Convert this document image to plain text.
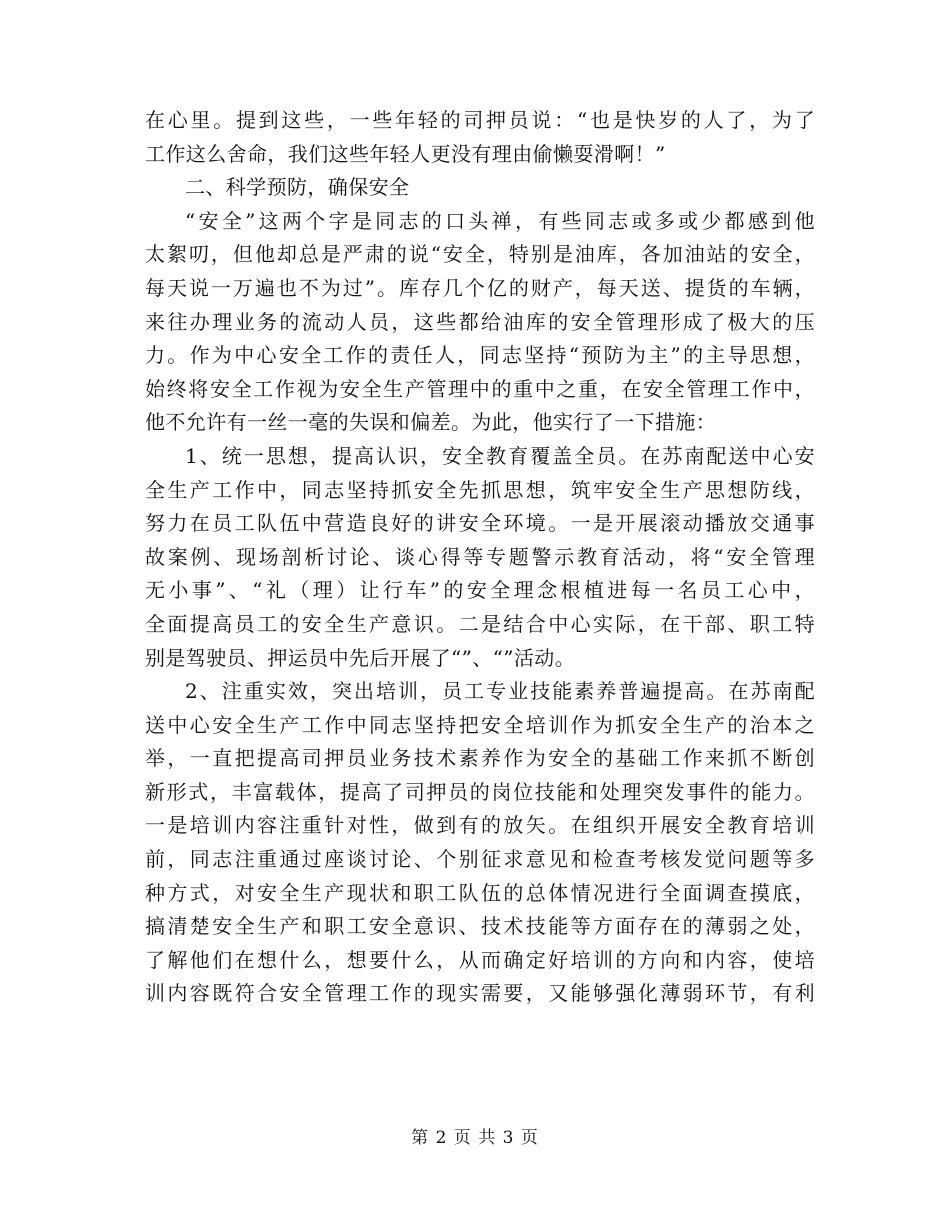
在心里。提到这些，一些年轻的司押员说：“也是快岁的人了，为了
工作这么舍命，我们这些年轻人更没有理由偷懒耍滑啊！”
二、科学预防，确保安全
“安全”这两个字是同志的口头禅，有些同志或多或少都感到他
太絮叨，但他却总是严肃的说“安全，特别是油库，各加油站的安全，
每天说一万遍也不为过”。库存几个亿的财产，每天送、提货的车辆，
来往办理业务的流动人员，这些都给油库的安全管理形成了极大的压
力。作为中心安全工作的责任人，同志坚持“预防为主”的主导思想，
始终将安全工作视为安全生产管理中的重中之重，在安全管理工作中，
他不允许有一丝一毫的失误和偏差。为此，他实行了一下措施：
1、统一思想，提高认识，安全教育覆盖全员。在苏南配送中心安
全生产工作中，同志坚持抓安全先抓思想，筑牢安全生产思想防线，
努力在员工队伍中营造良好的讲安全环境。一是开展滚动播放交通事
故案例、现场剖析讨论、谈心得等专题警示教育活动，将“安全管理
无小事”、“礼（理）让行车”的安全理念根植进每一名员工心中，
全面提高员工的安全生产意识。二是结合中心实际，在干部、职工特
别是驾驶员、押运员中先后开展了“”、“”活动。
2、注重实效，突出培训，员工专业技能素养普遍提高。在苏南配
送中心安全生产工作中同志坚持把安全培训作为抓安全生产的治本之
举，一直把提高司押员业务技术素养作为安全的基础工作来抓不断创
新形式，丰富载体，提高了司押员的岗位技能和处理突发事件的能力。
一是培训内容注重针对性，做到有的放矢。在组织开展安全教育培训
前，同志注重通过座谈讨论、个别征求意见和检查考核发觉问题等多
种方式，对安全生产现状和职工队伍的总体情况进行全面调查摸底，
搞清楚安全生产和职工安全意识、技术技能等方面存在的薄弱之处，
了解他们在想什么，想要什么，从而确定好培训的方向和内容，使培
训内容既符合安全管理工作的现实需要，又能够强化薄弱环节，有利
第 2 页 共 3 页
